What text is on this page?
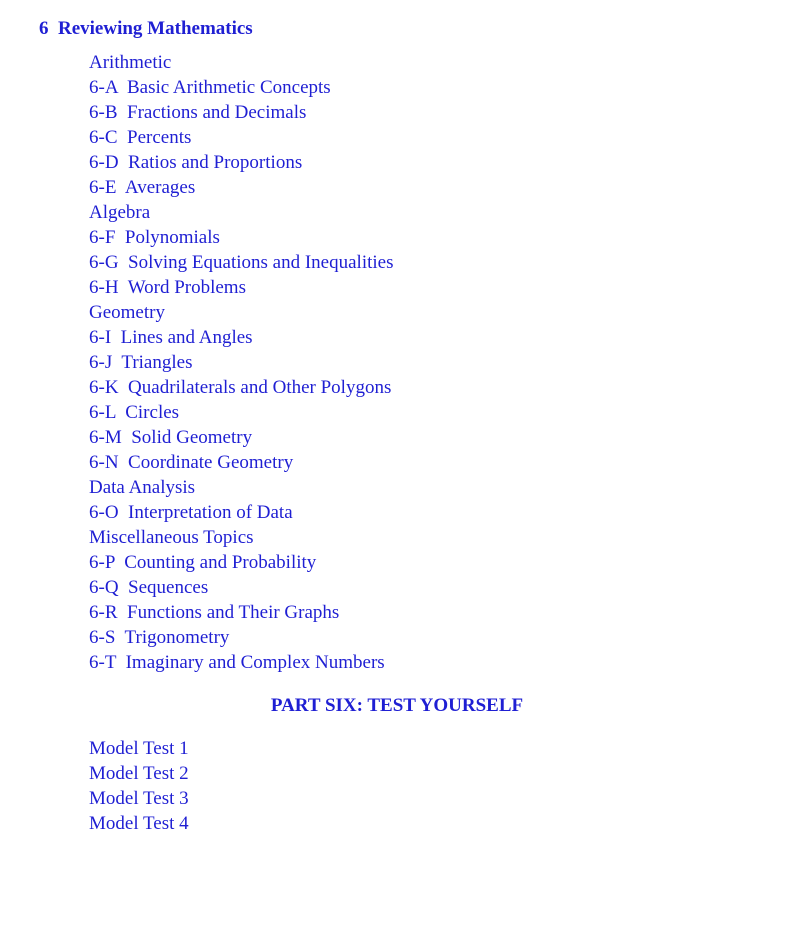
6  Reviewing Mathematics
Arithmetic
6-A  Basic Arithmetic Concepts
6-B  Fractions and Decimals
6-C  Percents
6-D  Ratios and Proportions
6-E  Averages
Algebra
6-F  Polynomials
6-G  Solving Equations and Inequalities
6-H  Word Problems
Geometry
6-I  Lines and Angles
6-J  Triangles
6-K  Quadrilaterals and Other Polygons
6-L  Circles
6-M  Solid Geometry
6-N  Coordinate Geometry
Data Analysis
6-O  Interpretation of Data
Miscellaneous Topics
6-P  Counting and Probability
6-Q  Sequences
6-R  Functions and Their Graphs
6-S  Trigonometry
6-T  Imaginary and Complex Numbers
PART SIX: TEST YOURSELF
Model Test 1
Model Test 2
Model Test 3
Model Test 4
